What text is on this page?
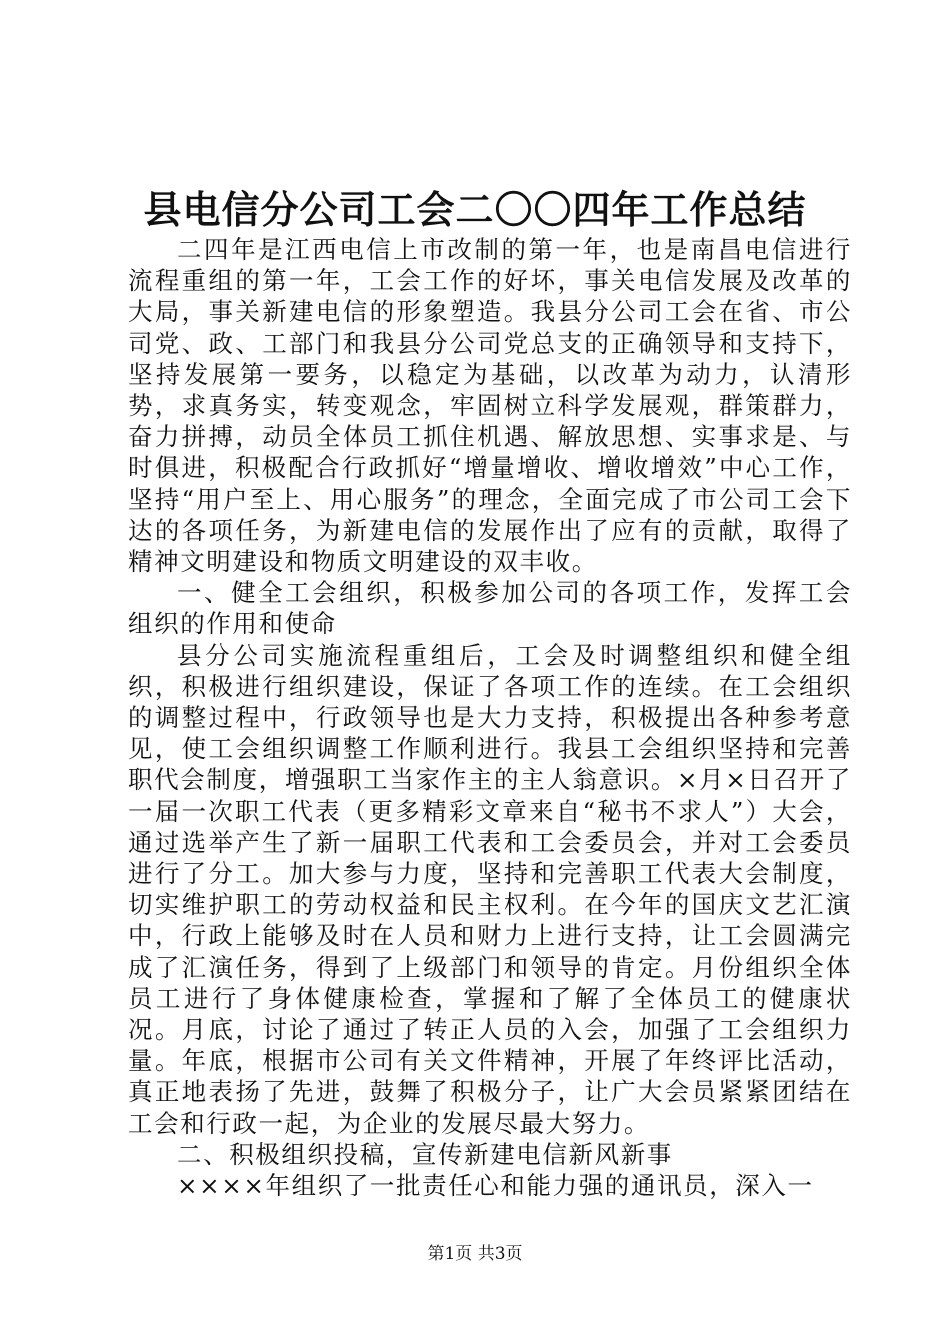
县电信分公司工会二〇〇四年工作总结

二四年是江西电信上市改制的第一年，也是南昌电信进行流程重组的第一年，工会工作的好坏，事关电信发展及改革的大局，事关新建电信的形象塑造。我县分公司工会在省、市公司党、政、工部门和我县分公司党总支的正确领导和支持下，坚持发展第一要务，以稳定为基础，以改革为动力，认清形势，求真务实，转变观念，牢固树立科学发展观，群策群力，奋力拼搏，动员全体员工抓住机遇、解放思想、实事求是、与时俱进，积极配合行政抓好“增量增收、增收增效”中心工作，坚持“用户至上、用心服务”的理念，全面完成了市公司工会下达的各项任务，为新建电信的发展作出了应有的贡献，取得了精神文明建设和物质文明建设的双丰收。

一、健全工会组织，积极参加公司的各项工作，发挥工会组织的作用和使命

县分公司实施流程重组后，工会及时调整组织和健全组织，积极进行组织建设，保证了各项工作的连续。在工会组织的调整过程中，行政领导也是大力支持，积极提出各种参考意见，使工会组织调整工作顺利进行。我县工会组织坚持和完善职代会制度，增强职工当家作主的主人翁意识。×月×日召开了一届一次职工代表（更多精彩文章来自“秘书不求人”）大会，通过选举产生了新一届职工代表和工会委员会，并对工会委员进行了分工。加大参与力度，坚持和完善职工代表大会制度，切实维护职工的劳动权益和民主权利。在今年的国庆文艺汇演中，行政上能够及时在人员和财力上进行支持，让工会圆满完成了汇演任务，得到了上级部门和领导的肯定。月份组织全体员工进行了身体健康检查，掌握和了解了全体员工的健康状况。月底，讨论了通过了转正人员的入会，加强了工会组织力量。年底，根据市公司有关文件精神，开展了年终评比活动，真正地表扬了先进，鼓舞了积极分子，让广大会员紧紧团结在工会和行政一起，为企业的发展尽最大努力。

二、积极组织投稿，宣传新建电信新风新事

××××年组织了一批责任心和能力强的通讯员，深入一

第1页 共3页
